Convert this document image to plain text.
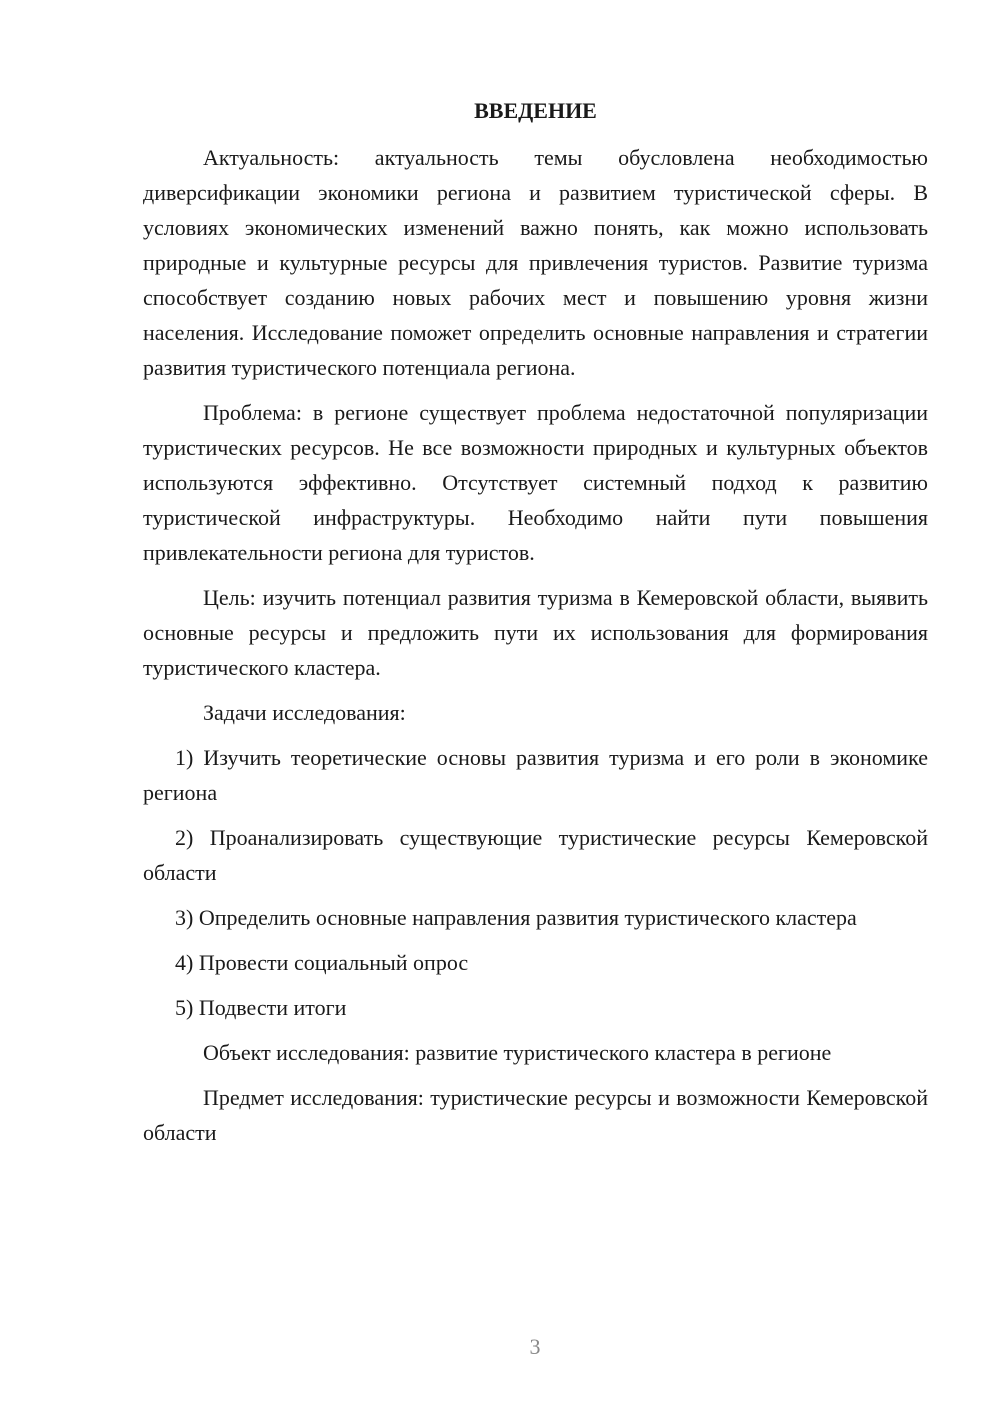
ВВЕДЕНИЕ

Актуальность: актуальность темы обусловлена необходимостью диверсификации экономики региона и развитием туристической сферы. В условиях экономических изменений важно понять, как можно использовать природные и культурные ресурсы для привлечения туристов. Развитие туризма способствует созданию новых рабочих мест и повышению уровня жизни населения. Исследование поможет определить основные направления и стратегии развития туристического потенциала региона.

Проблема: в регионе существует проблема недостаточной популяризации туристических ресурсов. Не все возможности природных и культурных объектов используются эффективно. Отсутствует системный подход к развитию туристической инфраструктуры. Необходимо найти пути повышения привлекательности региона для туристов.

Цель: изучить потенциал развития туризма в Кемеровской области, выявить основные ресурсы и предложить пути их использования для формирования туристического кластера.

Задачи исследования:

1) Изучить теоретические основы развития туризма и его роли в экономике региона

2) Проанализировать существующие туристические ресурсы Кемеровской области

3) Определить основные направления развития туристического кластера

4) Провести социальный опрос

5) Подвести итоги

Объект исследования: развитие туристического кластера в регионе

Предмет исследования: туристические ресурсы и возможности Кемеровской области

3
